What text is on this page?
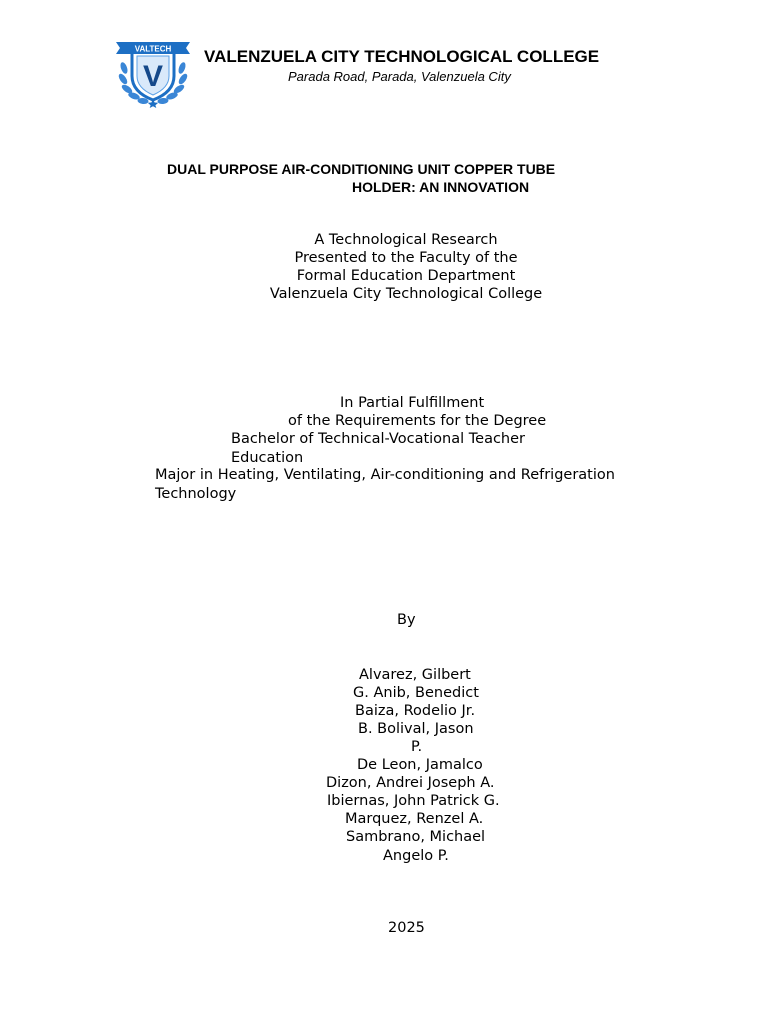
V
VALTECH VALENZUELA CITY TECHNOLOGICAL COLLEGE
Parada Road, Parada, Valenzuela City
DUAL PURPOSE AIR-CONDITIONING UNIT COPPER TUBE
HOLDER: AN INNOVATION
A Technological Research
Presented to the Faculty of the
Formal Education Department
Valenzuela City Technological College
In Partial Fulfillment
of the Requirements for the Degree
Bachelor of Technical-Vocational Teacher
Education
Major in Heating, Ventilating, Air-conditioning and Refrigeration
Technology
By
Alvarez, Gilbert
G. Anib, Benedict
Baiza, Rodelio Jr.
B. Bolival, Jason
P.
De Leon, Jamalco
Dizon, Andrei Joseph A.
Ibiernas, John Patrick G.
Marquez, Renzel A.
Sambrano, Michael
Angelo P.
2025
